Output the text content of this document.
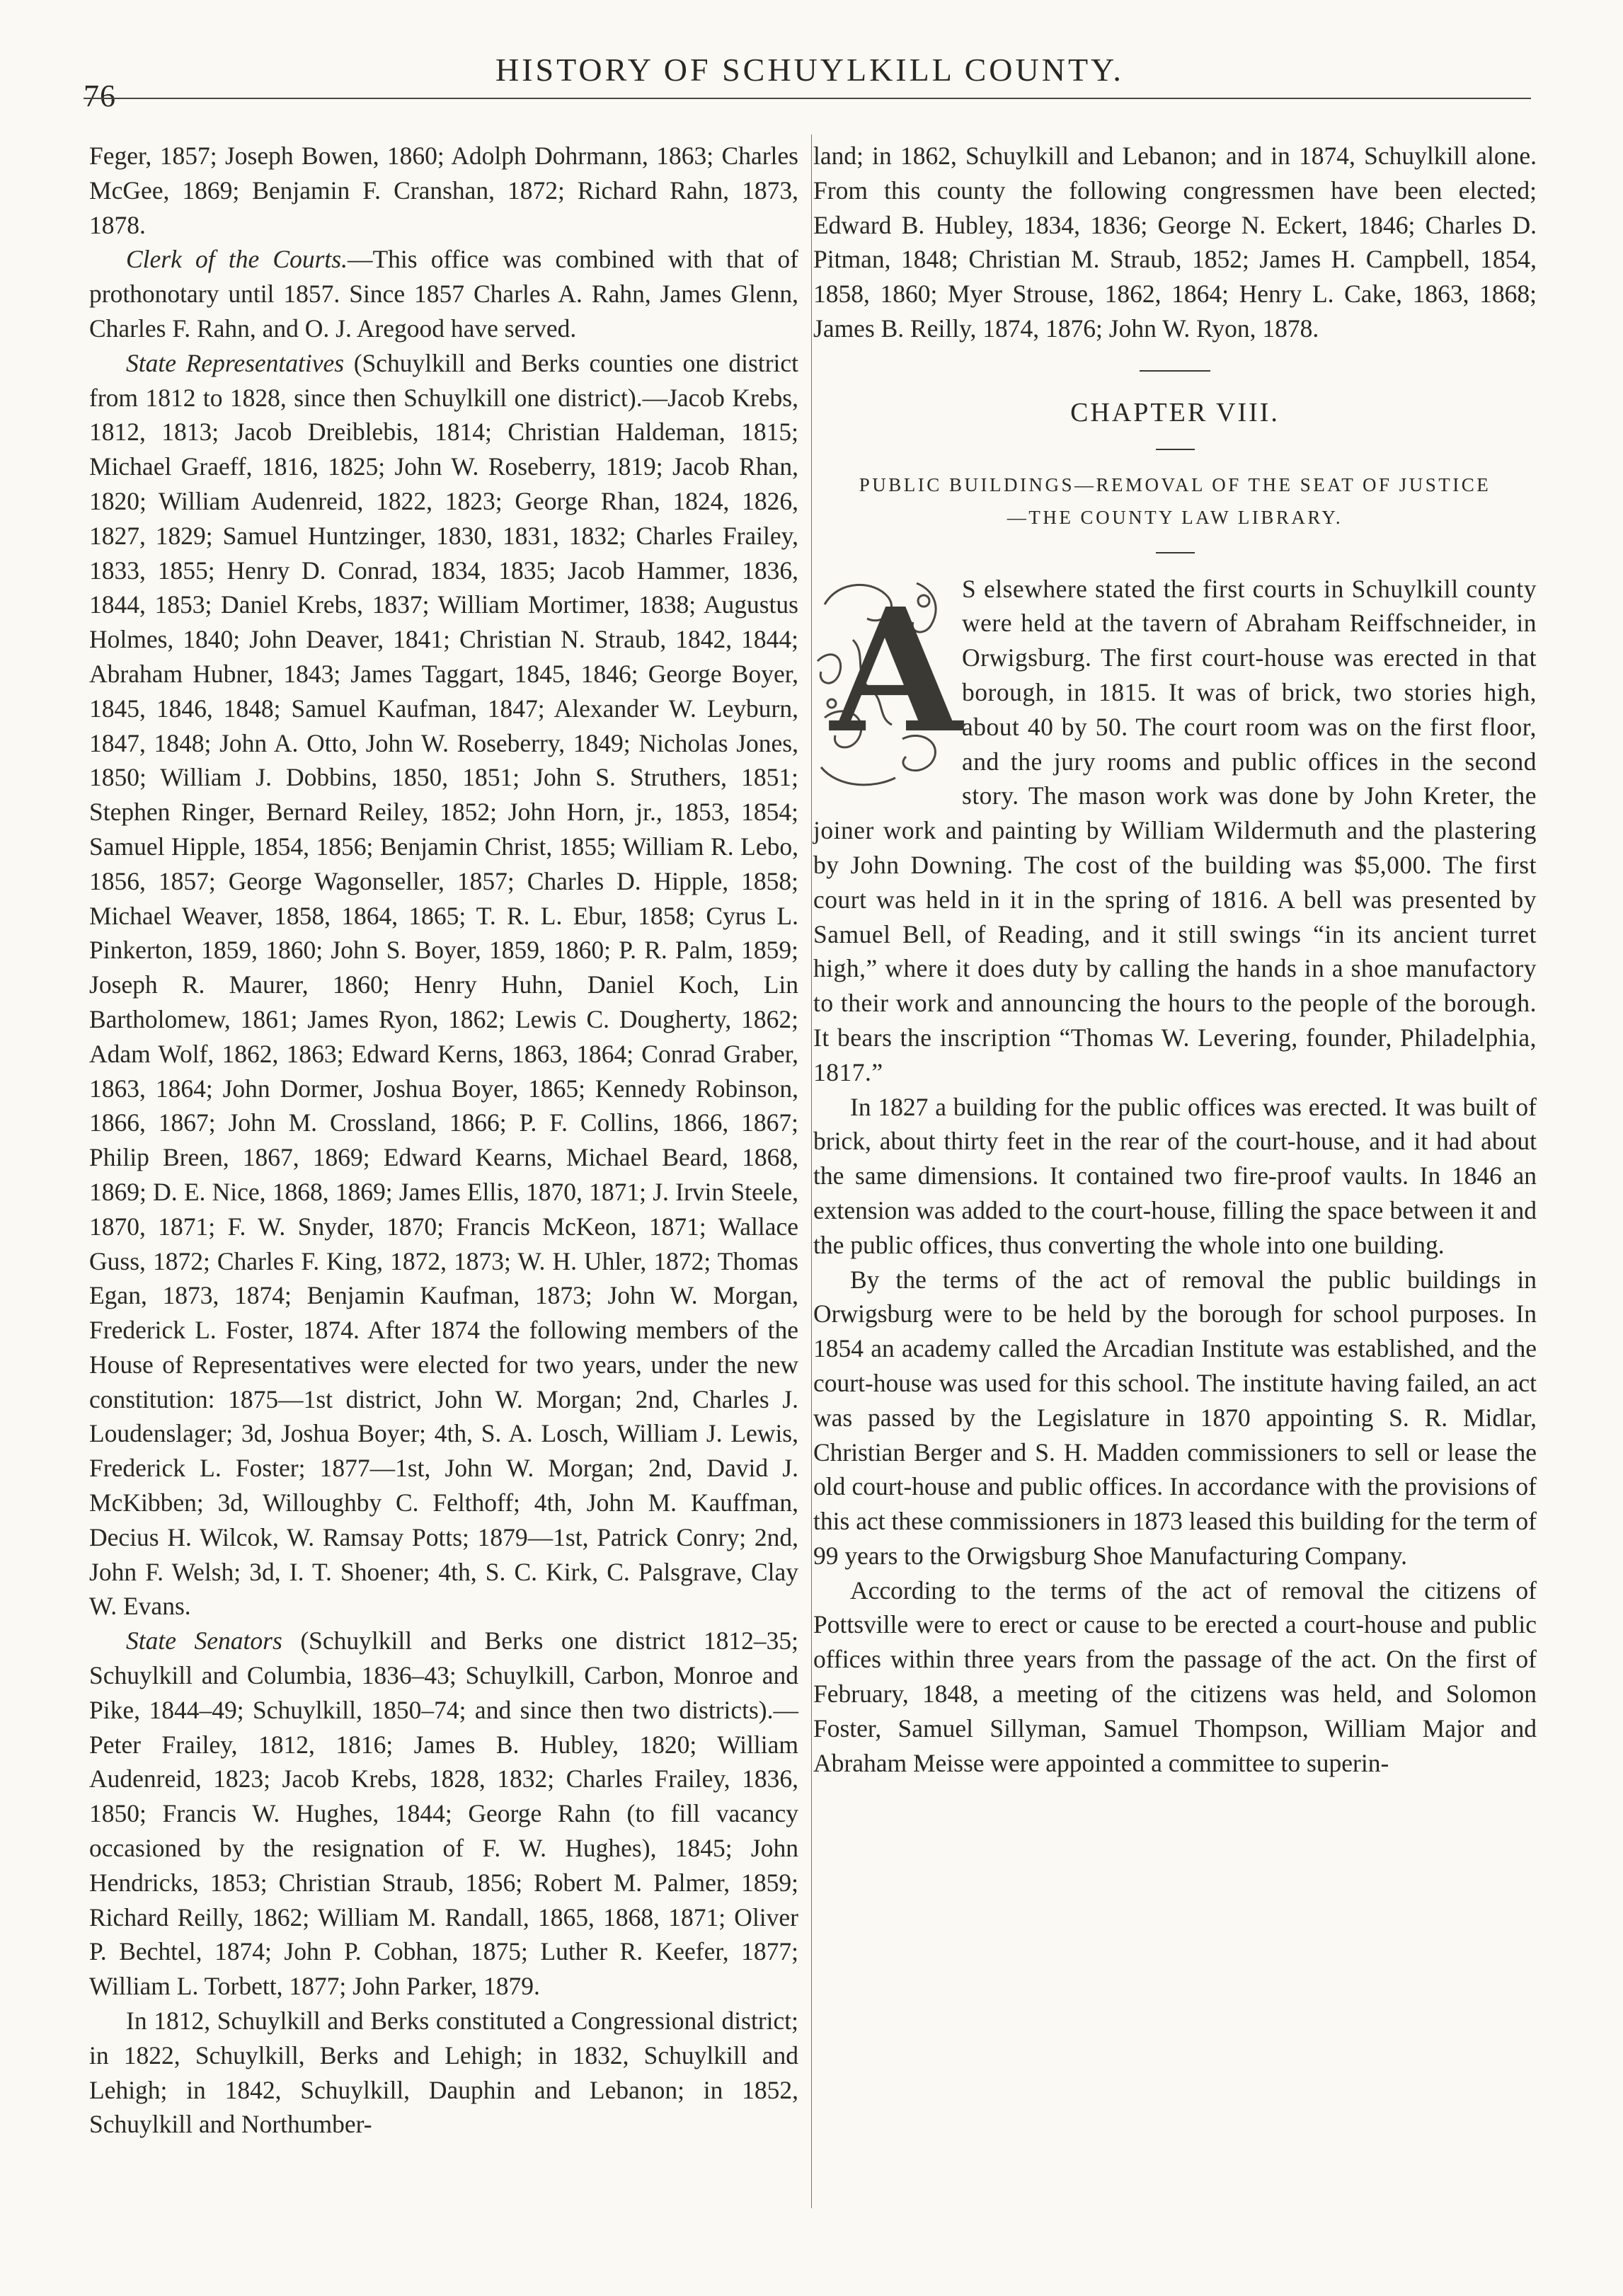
76
HISTORY OF SCHUYLKILL COUNTY.

Feger, 1857; Joseph Bowen, 1860; Adolph Dohrmann, 1863; Charles McGee, 1869; Benjamin F. Cranshan, 1872; Richard Rahn, 1873, 1878.

Clerk of the Courts.—This office was combined with that of prothonotary until 1857. Since 1857 Charles A. Rahn, James Glenn, Charles F. Rahn, and O. J. Aregood have served.

State Representatives (Schuylkill and Berks counties one district from 1812 to 1828, since then Schuylkill one district).—Jacob Krebs, 1812, 1813; Jacob Dreiblebis, 1814; Christian Haldeman, 1815; Michael Graeff, 1816, 1825; John W. Roseberry, 1819; Jacob Rhan, 1820; William Audenreid, 1822, 1823; George Rhan, 1824, 1826, 1827, 1829; Samuel Huntzinger, 1830, 1831, 1832; Charles Frailey, 1833, 1855; Henry D. Conrad, 1834, 1835; Jacob Hammer, 1836, 1844, 1853; Daniel Krebs, 1837; William Mortimer, 1838; Augustus Holmes, 1840; John Deaver, 1841; Christian N. Straub, 1842, 1844; Abraham Hubner, 1843; James Taggart, 1845, 1846; George Boyer, 1845, 1846, 1848; Samuel Kaufman, 1847; Alexander W. Leyburn, 1847, 1848; John A. Otto, John W. Roseberry, 1849; Nicholas Jones, 1850; William J. Dobbins, 1850, 1851; John S. Struthers, 1851; Stephen Ringer, Bernard Reiley, 1852; John Horn, jr., 1853, 1854; Samuel Hipple, 1854, 1856; Benjamin Christ, 1855; William R. Lebo, 1856, 1857; George Wagonseller, 1857; Charles D. Hipple, 1858; Michael Weaver, 1858, 1864, 1865; T. R. L. Ebur, 1858; Cyrus L. Pinkerton, 1859, 1860; John S. Boyer, 1859, 1860; P. R. Palm, 1859; Joseph R. Maurer, 1860; Henry Huhn, Daniel Koch, Lin Bartholomew, 1861; James Ryon, 1862; Lewis C. Dougherty, 1862; Adam Wolf, 1862, 1863; Edward Kerns, 1863, 1864; Conrad Graber, 1863, 1864; John Dormer, Joshua Boyer, 1865; Kennedy Robinson, 1866, 1867; John M. Crossland, 1866; P. F. Collins, 1866, 1867; Philip Breen, 1867, 1869; Edward Kearns, Michael Beard, 1868, 1869; D. E. Nice, 1868, 1869; James Ellis, 1870, 1871; J. Irvin Steele, 1870, 1871; F. W. Snyder, 1870; Francis McKeon, 1871; Wallace Guss, 1872; Charles F. King, 1872, 1873; W. H. Uhler, 1872; Thomas Egan, 1873, 1874; Benjamin Kaufman, 1873; John W. Morgan, Frederick L. Foster, 1874. After 1874 the following members of the House of Representatives were elected for two years, under the new constitution: 1875—1st district, John W. Morgan; 2nd, Charles J. Loudenslager; 3d, Joshua Boyer; 4th, S. A. Losch, William J. Lewis, Frederick L. Foster; 1877—1st, John W. Morgan; 2nd, David J. McKibben; 3d, Willoughby C. Felthoff; 4th, John M. Kauffman, Decius H. Wilcok, W. Ramsay Potts; 1879—1st, Patrick Conry; 2nd, John F. Welsh; 3d, I. T. Shoener; 4th, S. C. Kirk, C. Palsgrave, Clay W. Evans.

State Senators (Schuylkill and Berks one district 1812–35; Schuylkill and Columbia, 1836–43; Schuylkill, Carbon, Monroe and Pike, 1844–49; Schuylkill, 1850–74; and since then two districts).—Peter Frailey, 1812, 1816; James B. Hubley, 1820; William Audenreid, 1823; Jacob Krebs, 1828, 1832; Charles Frailey, 1836, 1850; Francis W. Hughes, 1844; George Rahn (to fill vacancy occasioned by the resignation of F. W. Hughes), 1845; John Hendricks, 1853; Christian Straub, 1856; Robert M. Palmer, 1859; Richard Reilly, 1862; William M. Randall, 1865, 1868, 1871; Oliver P. Bechtel, 1874; John P. Cobhan, 1875; Luther R. Keefer, 1877; William L. Torbett, 1877; John Parker, 1879.

In 1812, Schuylkill and Berks constituted a Congressional district; in 1822, Schuylkill, Berks and Lehigh; in 1832, Schuylkill and Lehigh; in 1842, Schuylkill, Dauphin and Lebanon; in 1852, Schuylkill and Northumber-

land; in 1862, Schuylkill and Lebanon; and in 1874, Schuylkill alone. From this county the following congressmen have been elected; Edward B. Hubley, 1834, 1836; George N. Eckert, 1846; Charles D. Pitman, 1848; Christian M. Straub, 1852; James H. Campbell, 1854, 1858, 1860; Myer Strouse, 1862, 1864; Henry L. Cake, 1863, 1868; James B. Reilly, 1874, 1876; John W. Ryon, 1878.

CHAPTER VIII.

PUBLIC BUILDINGS—REMOVAL OF THE SEAT OF JUSTICE

—THE COUNTY LAW LIBRARY.

A S elsewhere stated the first courts in Schuylkill county were held at the tavern of Abraham Reiffschneider, in Orwigsburg. The first court-house was erected in that borough, in 1815. It was of brick, two stories high, about 40 by 50. The court room was on the first floor, and the jury rooms and public offices in the second story. The mason work was done by John Kreter, the joiner work and painting by William Wildermuth and the plastering by John Downing. The cost of the building was $5,000. The first court was held in it in the spring of 1816. A bell was presented by Samuel Bell, of Reading, and it still swings “in its ancient turret high,” where it does duty by calling the hands in a shoe manufactory to their work and announcing the hours to the people of the borough. It bears the inscription “Thomas W. Levering, founder, Philadelphia, 1817.”

In 1827 a building for the public offices was erected. It was built of brick, about thirty feet in the rear of the court-house, and it had about the same dimensions. It contained two fire-proof vaults. In 1846 an extension was added to the court-house, filling the space between it and the public offices, thus converting the whole into one building.

By the terms of the act of removal the public buildings in Orwigsburg were to be held by the borough for school purposes. In 1854 an academy called the Arcadian Institute was established, and the court-house was used for this school. The institute having failed, an act was passed by the Legislature in 1870 appointing S. R. Midlar, Christian Berger and S. H. Madden commissioners to sell or lease the old court-house and public offices. In accordance with the provisions of this act these commissioners in 1873 leased this building for the term of 99 years to the Orwigsburg Shoe Manufacturing Company.

According to the terms of the act of removal the citizens of Pottsville were to erect or cause to be erected a court-house and public offices within three years from the passage of the act. On the first of February, 1848, a meeting of the citizens was held, and Solomon Foster, Samuel Sillyman, Samuel Thompson, William Major and Abraham Meisse were appointed a committee to superin-
